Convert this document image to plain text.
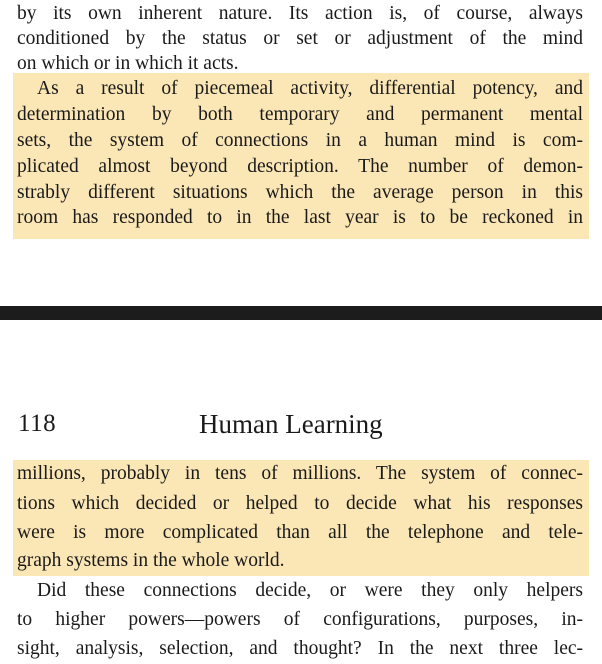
by its own inherent nature. Its action is, of course, always
conditioned by the status or set or adjustment of the mind
on which or in which it acts.
As a result of piecemeal activity, differential potency, and
determination by both temporary and permanent mental
sets, the system of connections in a human mind is com-
plicated almost beyond description. The number of demon-
strably different situations which the average person in this
room has responded to in the last year is to be reckoned in
118	Human Learning
millions, probably in tens of millions. The system of connec-
tions which decided or helped to decide what his responses
were is more complicated than all the telephone and tele-
graph systems in the whole world.
Did these connections decide, or were they only helpers
to higher powers—powers of configurations, purposes, in-
sight, analysis, selection, and thought? In the next three lec-
